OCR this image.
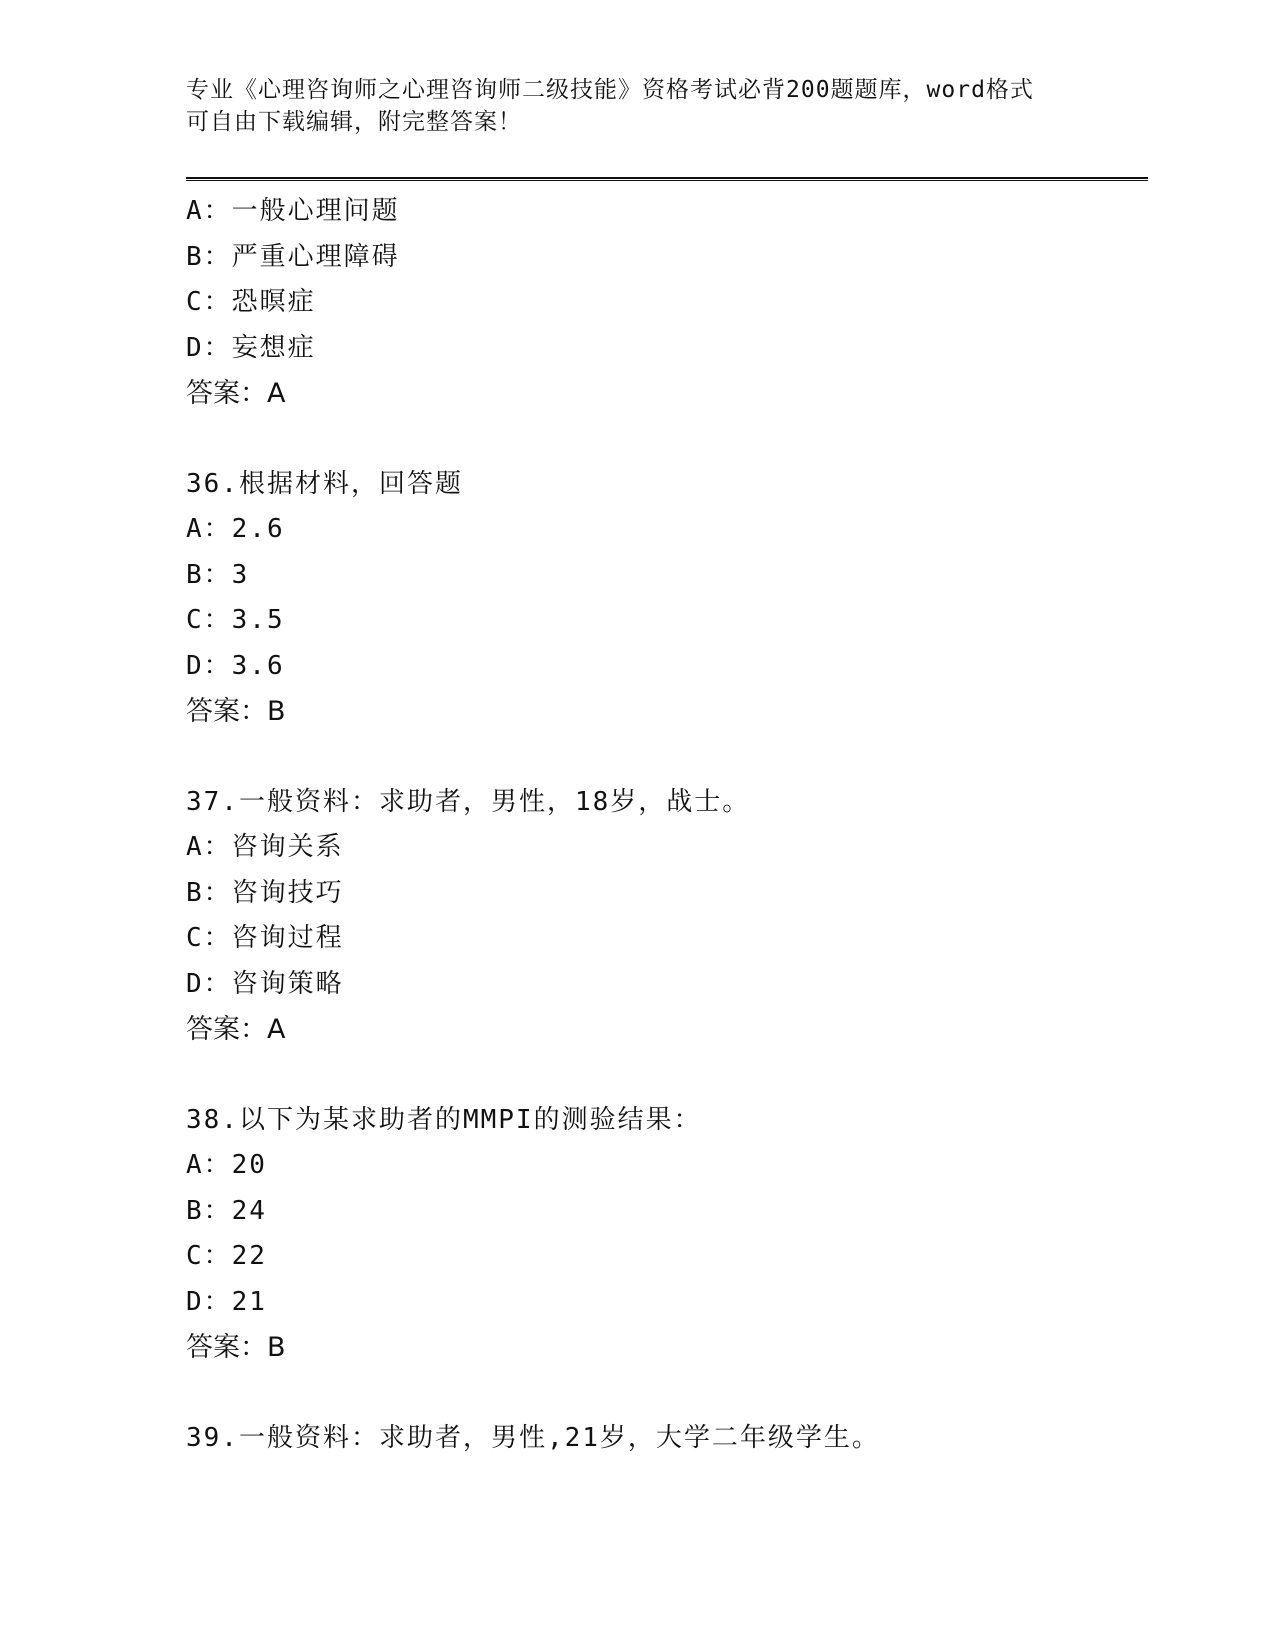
专业《心理咨询师之心理咨询师二级技能》资格考试必背200题题库，word格式
可自由下载编辑，附完整答案！
A：一般心理问题
B：严重心理障碍
C：恐暝症
D：妄想症
答案：A
36.根据材料，回答题
A：2.6
B：3
C：3.5
D：3.6
答案：B
37.一般资料：求助者，男性，18岁，战士。
A：咨询关系
B：咨询技巧
C：咨询过程
D：咨询策略
答案：A
38.以下为某求助者的MMPI的测验结果：
A：20
B：24
C：22
D：21
答案：B
39.一般资料：求助者，男性,21岁，大学二年级学生。
